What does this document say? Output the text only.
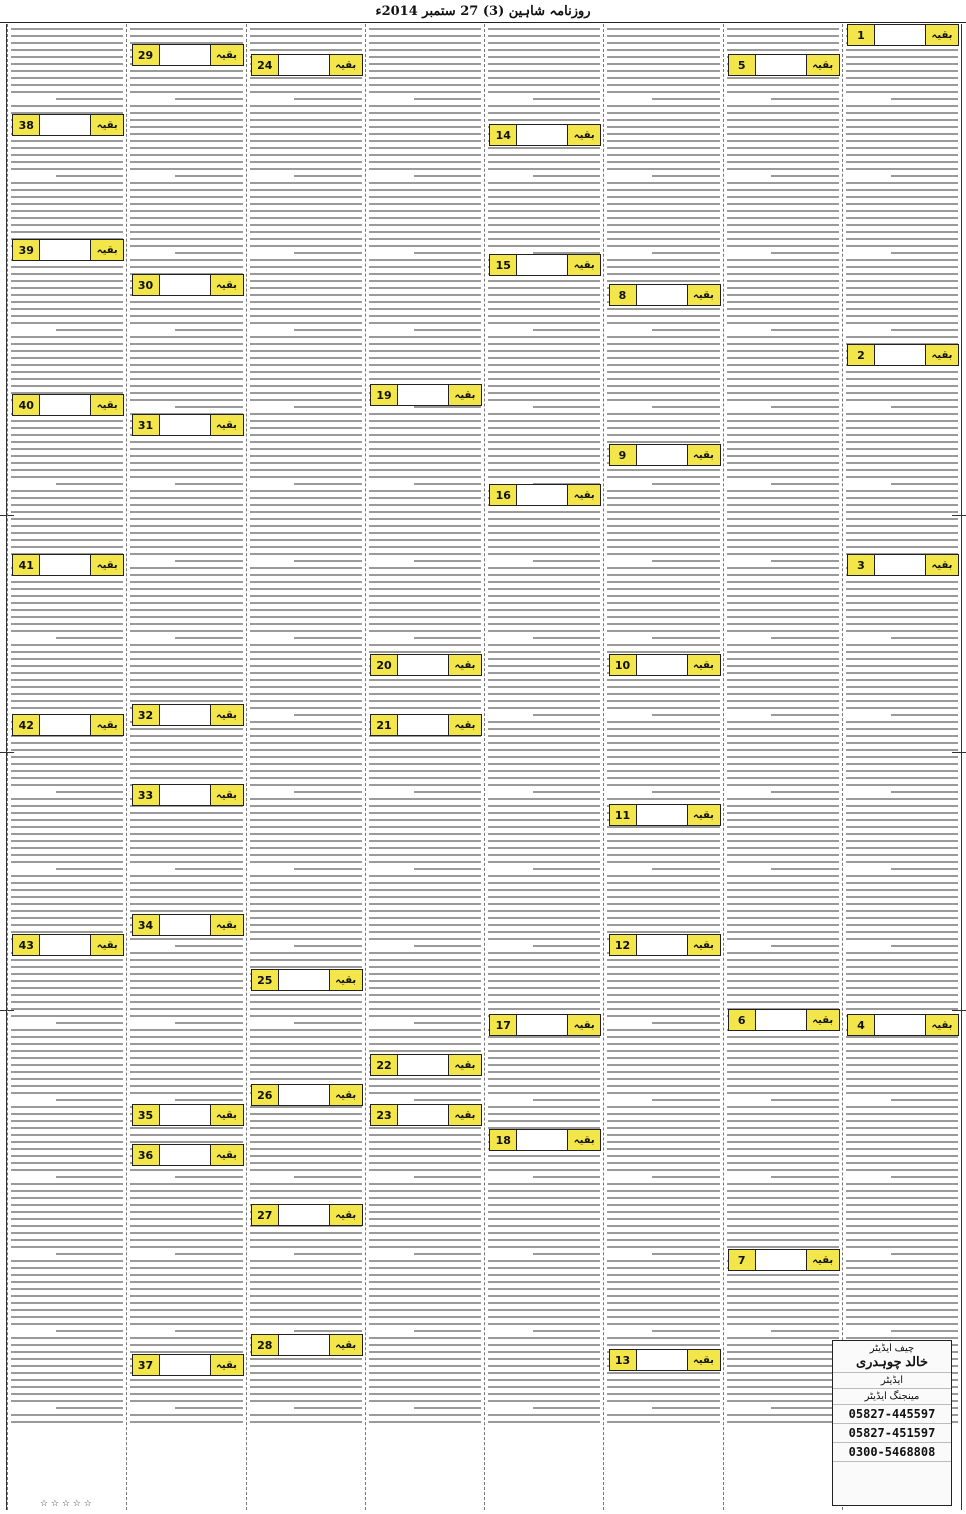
روزنامہ شاہین (3) 27 ستمبر 2014ء
1	بقیہ
2	بقیہ
3	بقیہ
4	بقیہ
5	بقیہ
6	بقیہ
7	بقیہ
8	بقیہ
9	بقیہ
10	بقیہ
11	بقیہ
12	بقیہ
13	بقیہ
14	بقیہ
15	بقیہ
16	بقیہ
17	بقیہ
18	بقیہ
19	بقیہ
20	بقیہ
21	بقیہ
22	بقیہ
23	بقیہ
24	بقیہ
25	بقیہ
26	بقیہ
27	بقیہ
28	بقیہ
29	بقیہ
30	بقیہ
31	بقیہ
32	بقیہ
33	بقیہ
34	بقیہ
35	بقیہ
36	بقیہ
37	بقیہ
38	بقیہ
39	بقیہ
40	بقیہ
41	بقیہ
42	بقیہ
43	بقیہ
چیف ایڈیٹر
خالد چوہدری
ایڈیٹر
مینجنگ ایڈیٹر
05827-445597
05827-451597
0300-5468808
☆ ☆ ☆ ☆ ☆
